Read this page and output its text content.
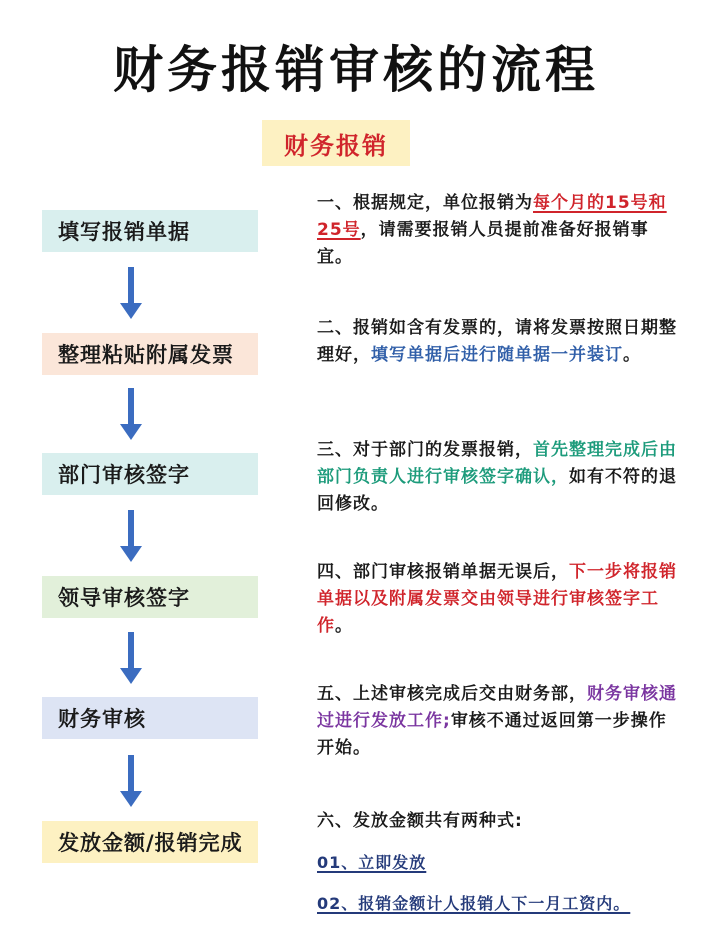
财务报销审核的流程
财务报销
填写报销单据
整理粘贴附属发票
部门审核签字
领导审核签字
财务审核
发放金额/报销完成
一、根据规定，单位报销为每个月的15号和25号，请需要报销人员提前准备好报销事宜。
二、报销如含有发票的，请将发票按照日期整理好，填写单据后进行随单据一并装订。
三、对于部门的发票报销，首先整理完成后由部门负责人进行审核签字确认，如有不符的退回修改。
四、部门审核报销单据无误后，下一步将报销单据以及附属发票交由领导进行审核签字工作。
五、上述审核完成后交由财务部，财务审核通过进行发放工作;审核不通过返回第一步操作开始。
六、发放金额共有两种式:
01、立即发放
02、报销金额计人报销人下一月工资内。
